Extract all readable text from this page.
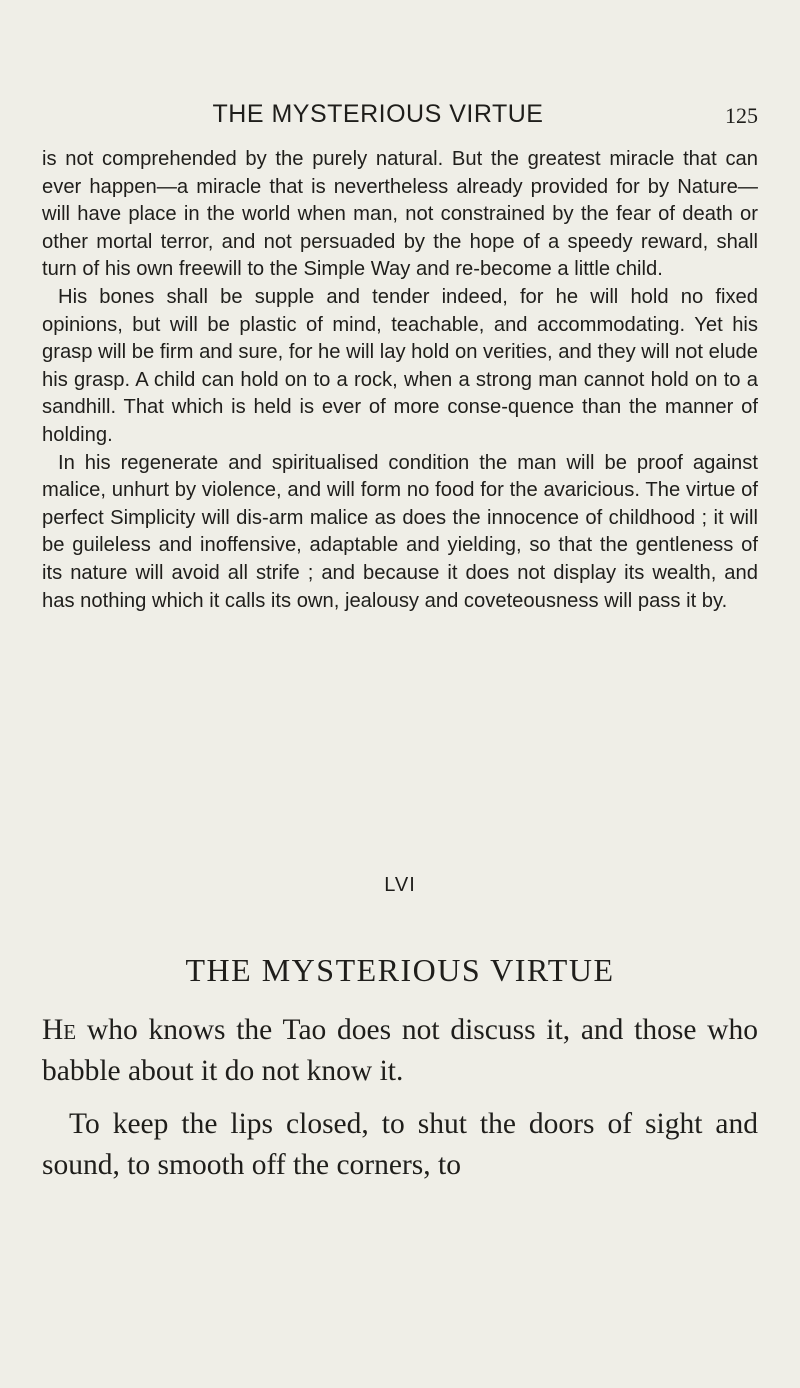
THE MYSTERIOUS VIRTUE	125

is not comprehended by the purely natural. But the greatest miracle that can ever happen—a miracle that is nevertheless already provided for by Nature—will have place in the world when man, not constrained by the fear of death or other mortal terror, and not persuaded by the hope of a speedy reward, shall turn of his own freewill to the Simple Way and re-become a little child.

His bones shall be supple and tender indeed, for he will hold no fixed opinions, but will be plastic of mind, teachable, and accommodating. Yet his grasp will be firm and sure, for he will lay hold on verities, and they will not elude his grasp. A child can hold on to a rock, when a strong man cannot hold on to a sandhill. That which is held is ever of more conse-quence than the manner of holding.

In his regenerate and spiritualised condition the man will be proof against malice, unhurt by violence, and will form no food for the avaricious. The virtue of perfect Simplicity will dis-arm malice as does the innocence of childhood ; it will be guileless and inoffensive, adaptable and yielding, so that the gentleness of its nature will avoid all strife ; and because it does not display its wealth, and has nothing which it calls its own, jealousy and coveteousness will pass it by.

LVI
THE MYSTERIOUS VIRTUE

He who knows the Tao does not discuss it, and those who babble about it do not know it.

To keep the lips closed, to shut the doors of sight and sound, to smooth off the corners, to
